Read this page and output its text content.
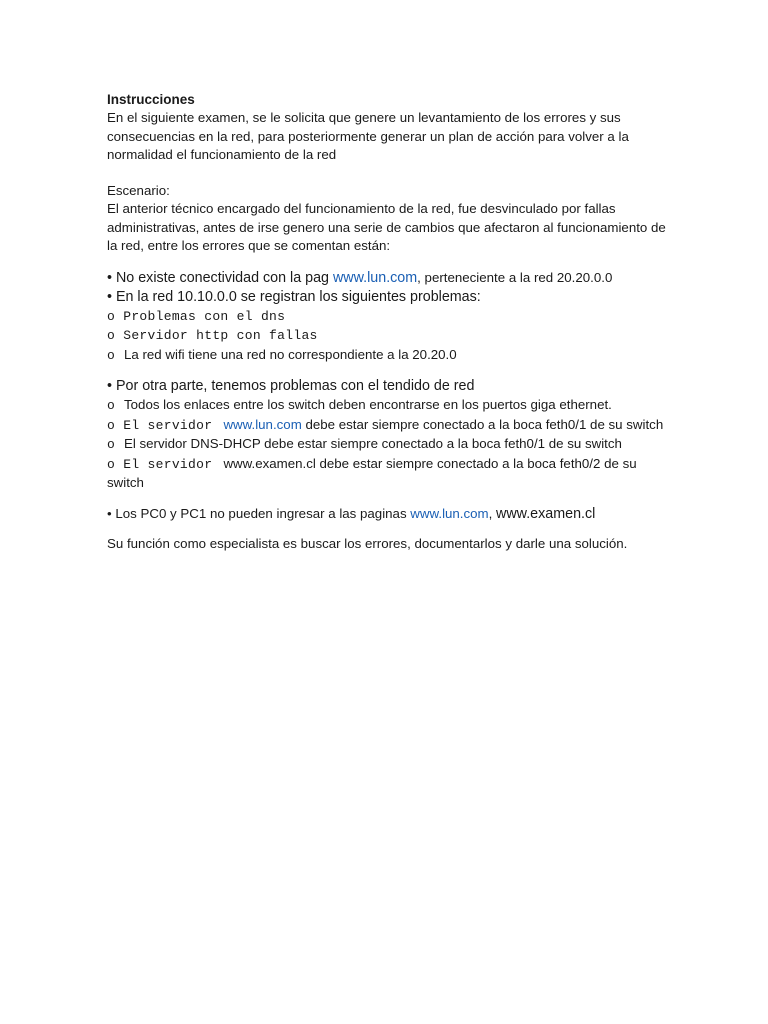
Instrucciones

En el siguiente examen, se le solicita que genere un levantamiento de los errores y sus consecuencias en la red, para posteriormente generar un plan de acción para volver a la normalidad el funcionamiento de la red

Escenario:

El anterior técnico encargado del funcionamiento de la red, fue desvinculado por fallas administrativas, antes de irse genero una serie de cambios que afectaron al funcionamiento de la red, entre los errores que se comentan están:

• No existe conectividad con la pag www.lun.com, perteneciente a la red 20.20.0.0

• En la red 10.10.0.0 se registran los siguientes problemas:

o Problemas con el dns

o Servidor http con fallas

o La red wifi tiene una red no correspondiente a la 20.20.0

• Por otra parte, tenemos problemas con el tendido de red

o Todos los enlaces entre los switch deben encontrarse en los puertos giga ethernet.

o El servidor www.lun.com debe estar siempre conectado a la boca feth0/1 de su switch

o El servidor DNS-DHCP debe estar siempre conectado a la boca feth0/1 de su switch

o El servidor www.examen.cl debe estar siempre conectado a la boca feth0/2 de su switch

• Los PC0 y PC1 no pueden ingresar a las paginas www.lun.com, www.examen.cl

Su función como especialista es buscar los errores, documentarlos y darle una solución.
